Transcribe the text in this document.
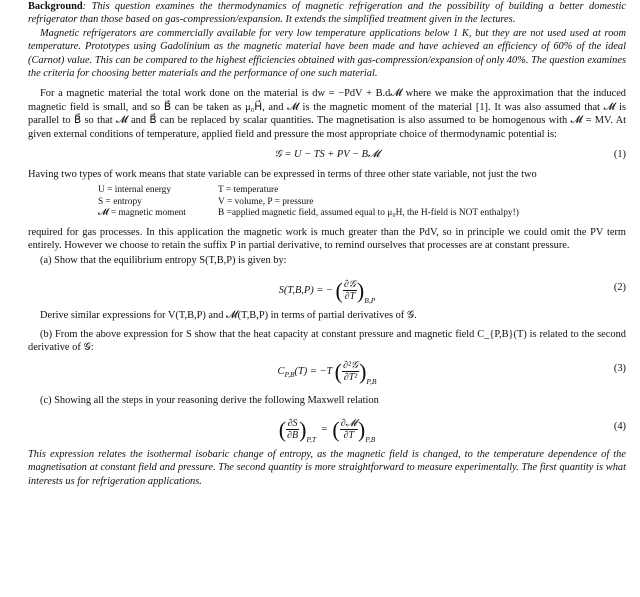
Background: This question examines the thermodynamics of magnetic refrigeration and the possibility of building a better domestic refrigerator than those based on gas-compression/expansion. It extends the simplified treatment given in the lectures.

Magnetic refrigerators are commercially available for very low temperature applications below 1 K, but they are not used used at room temperature. Prototypes using Gadolinium as the magnetic material have been made and have achieved an efficiency of 60% of the ideal (Carnot) value. This can be compared to the highest efficiencies obtained with gas-compression/expansion of only 40%. The question examines the criteria for choosing better materials and the performance of one such material.

For a magnetic material the total work done on the material is dw = −PdV + B.d𝓜 where we make the approximation that the induced magnetic field is small, and so B⃗ can be taken as μ₀H⃗, and 𝓜 is the magnetic moment of the material [1]. It was also assumed that 𝓜 is parallel to B⃗ so that 𝓜 and B⃗ can be replaced by scalar quantities. The magnetisation is also assumed to be homogenous with 𝓜 = MV. At given external conditions of temperature, applied field and pressure the most appropriate choice of thermodynamic potential is:

𝒢 = U − TS + PV − B𝓜	(1)

Having two types of work means that state variable can be expressed in terms of three other state variable, not just the two

U = internal energy	T = temperature
S = entropy	V = volume, P = pressure
𝓜 = magnetic moment	B =applied magnetic field, assumed equal to μ₀H, the H-field is NOT enthalpy!)

required for gas processes. In this application the magnetic work is much greater than the PdV, so in principle we could omit the PV term entirely. However we choose to retain the suffix P in partial derivative, to remind ourselves that processes are at constant pressure.

(a) Show that the equilibrium entropy S(T,B,P) is given by:

S(T,B,P) = − ( $\frac{\text{∂𝒢}}{\partial T} )_{B,P}$
(2)

Derive similar expressions for V(T,B,P) and 𝓜(T,B,P) in terms of partial derivatives of 𝒢.

(b) From the above expression for S show that the heat capacity at constant pressure and magnetic field C_{P,B}(T) is related to the second derivative of 𝒢:

$C_{P,B}(T) = -T$ ( $\frac{\text{∂²𝒢}}{\text{∂T²}} )_{P,B}$
(3)

(c) Showing all the steps in your reasoning derive the following Maxwell relation

( $\frac{\partial S}{\partial B} )_{P,T}$  =  ( $\frac{\text{∂𝓜}}{\partial T} )_{P,B}$
(4)

This expression relates the isothermal isobaric change of entropy, as the magnetic field is changed, to the temperature dependence of the magnetisation at constant field and pressure. The second quantity is more straightforward to measure experimentally. The first quantity is what interests us for refrigeration applications.
